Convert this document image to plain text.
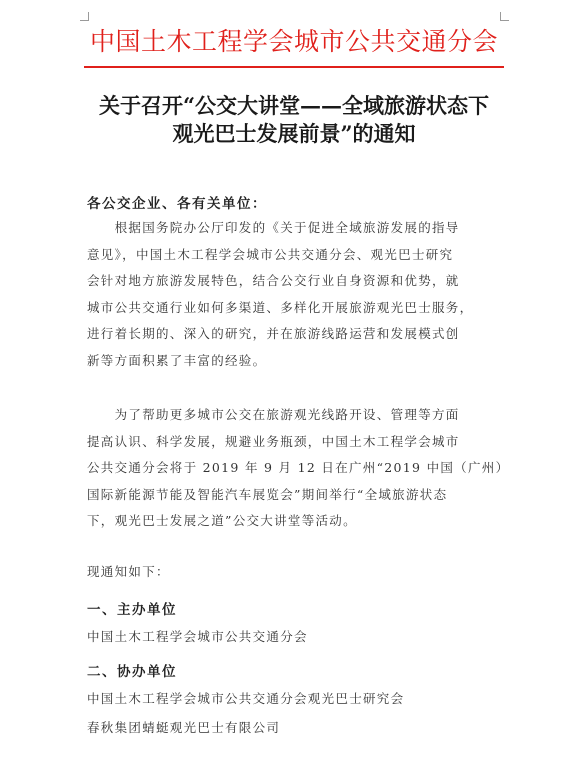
中国土木工程学会城市公共交通分会
关于召开“公交大讲堂——全域旅游状态下
观光巴士发展前景”的通知
各公交企业、各有关单位：
　　根据国务院办公厅印发的《关于促进全域旅游发展的指导
意见》，中国土木工程学会城市公共交通分会、观光巴士研究
会针对地方旅游发展特色，结合公交行业自身资源和优势，就
城市公共交通行业如何多渠道、多样化开展旅游观光巴士服务，
进行着长期的、深入的研究，并在旅游线路运营和发展模式创
新等方面积累了丰富的经验。
　　为了帮助更多城市公交在旅游观光线路开设、管理等方面
提高认识、科学发展，规避业务瓶颈，中国土木工程学会城市
公共交通分会将于 2019 年 9 月 12 日在广州“2019 中国（广州）
国际新能源节能及智能汽车展览会”期间举行“全域旅游状态
下，观光巴士发展之道”公交大讲堂等活动。
现通知如下：
一、主办单位
中国土木工程学会城市公共交通分会
二、协办单位
中国土木工程学会城市公共交通分会观光巴士研究会
春秋集团蜻蜓观光巴士有限公司
